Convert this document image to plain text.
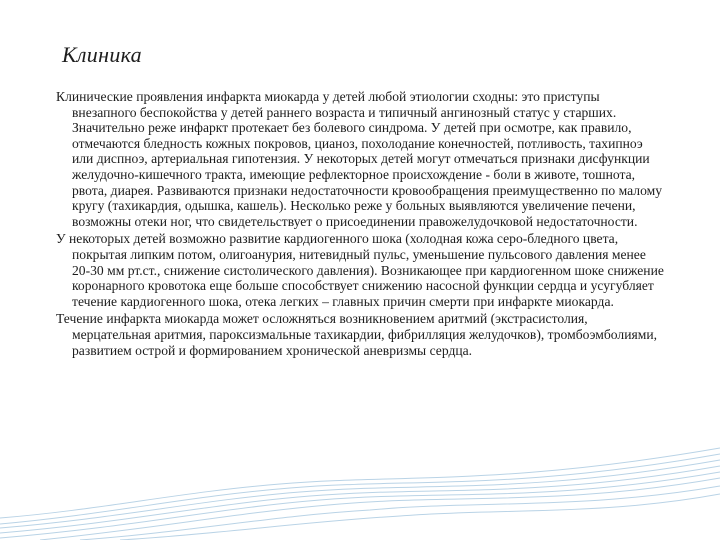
Клиника

Клинические проявления инфаркта миокарда у детей любой этиологии сходны: это приступы внезапного беспокойства у детей раннего возраста и типичный ангинозный статус у старших. Значительно реже инфаркт протекает без болевого синдрома. У детей при осмотре, как правило, отмечаются бледность кожных покровов, цианоз, похолодание конечностей, потливость, тахипноэ или диспноэ, артериальная гипотензия. У некоторых детей могут отмечаться признаки дисфункции желудочно-кишечного тракта, имеющие рефлекторное происхождение - боли в животе, тошнота, рвота, диарея. Развиваются признаки недостаточности кровообращения преимущественно по малому кругу (тахикардия, одышка, кашель). Несколько реже у больных выявляются увеличение печени, возможны отеки ног, что свидетельствует о присоединении правожелудочковой недостаточности.

У некоторых детей возможно развитие кардиогенного шока (холодная кожа серо-бледного цвета, покрытая липким потом, олигоанурия, нитевидный пульс, уменьшение пульсового давления менее 20-30 мм рт.ст., снижение систолического давления). Возникающее при кардиогенном шоке снижение коронарного кровотока еще больше способствует снижению насосной функции сердца и усугубляет течение кардиогенного шока, отека легких – главных причин смерти при инфаркте миокарда.

Течение инфаркта миокарда может осложняться возникновением аритмий (экстрасистолия, мерцательная аритмия, пароксизмальные тахикардии, фибрилляция желудочков), тромбоэмболиями, развитием острой и формированием хронической аневризмы сердца.
